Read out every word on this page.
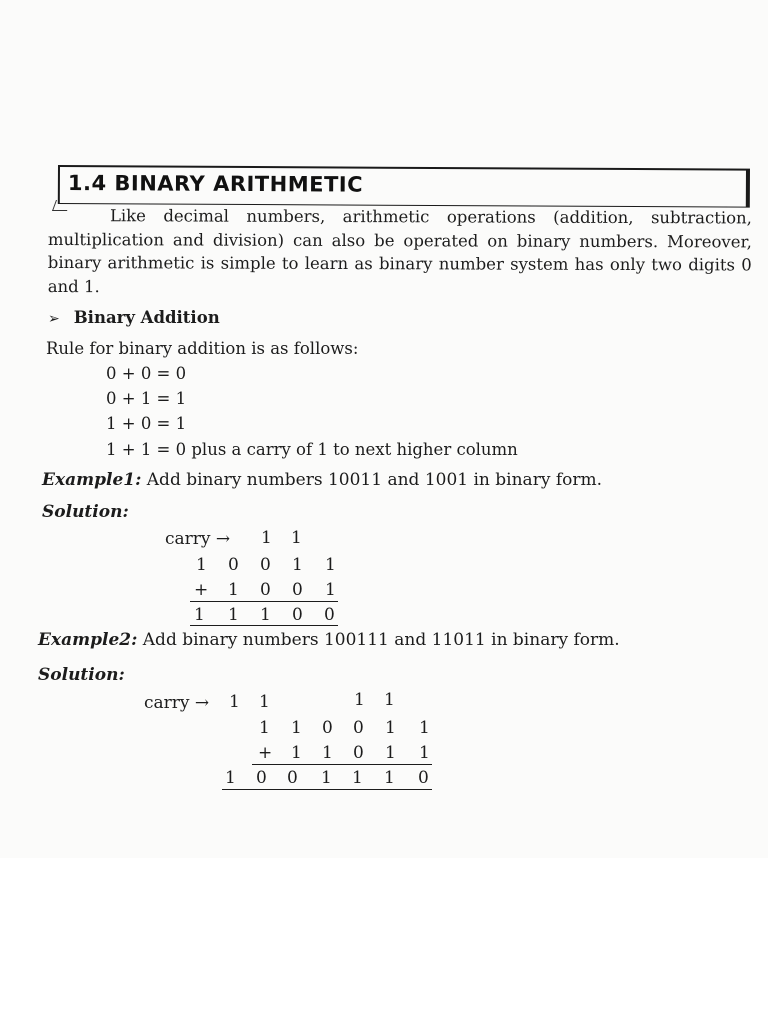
1.4 BINARY ARITHMETIC
Like decimal numbers, arithmetic operations (addition, subtraction, multiplication and division) can also be operated on binary numbers. Moreover, binary arithmetic is simple to learn as binary number system has only two digits 0 and 1.
➢ Binary Addition
Rule for binary addition is as follows:
0 + 0 = 0
0 + 1 = 1
1 + 0 = 1
1 + 1 = 0 plus a carry of 1 to next higher column
Example1: Add binary numbers 10011 and 1001 in binary form.
Solution:
carry → 1 1
1 0 0 1 1
+ 1 0 0 1
1 1 1 0 0
Example2: Add binary numbers 100111 and 11011 in binary form.
Solution:
carry → 1 1	1 1
1 1 0 0 1 1
+ 1 1 0 1 1
1 0 0 1 1 1 0
